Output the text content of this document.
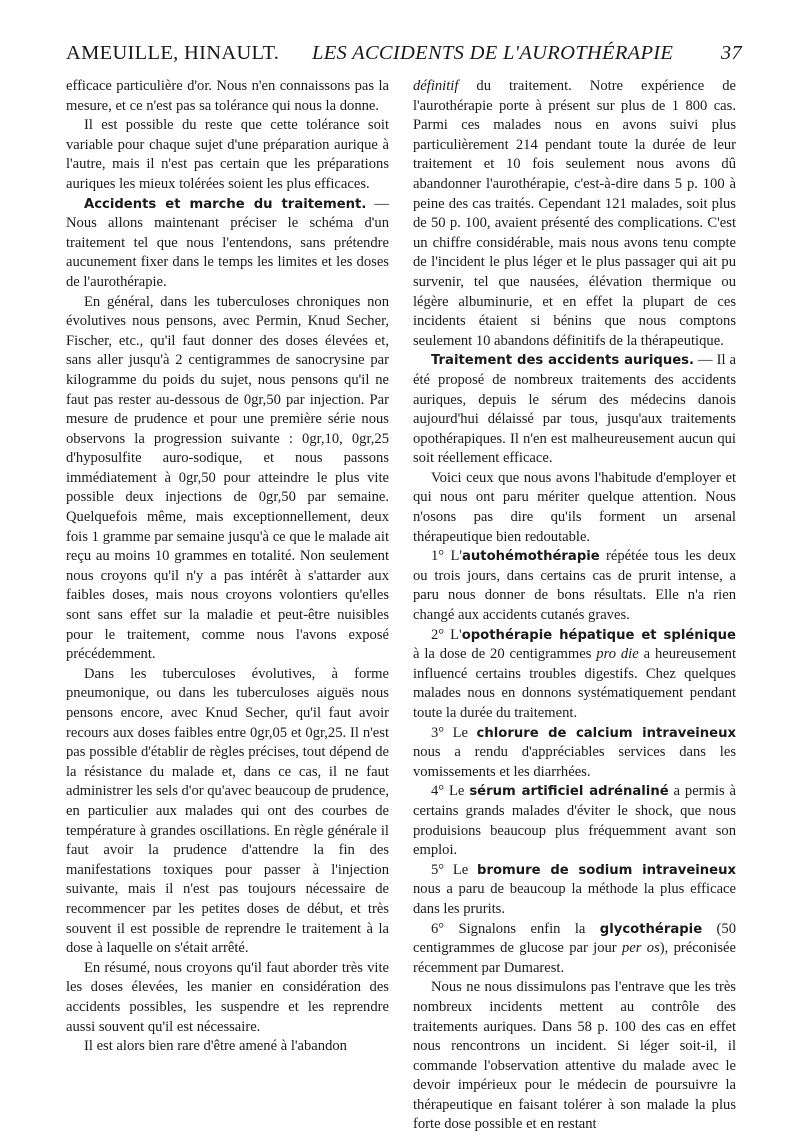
AMEUILLE, HINAULT. LES ACCIDENTS DE L'AUROTHÉRAPIE 37

efficace particulière d'or. Nous n'en connaissons pas la mesure, et ce n'est pas sa tolérance qui nous la donne.

Il est possible du reste que cette tolérance soit variable pour chaque sujet d'une préparation aurique à l'autre, mais il n'est pas certain que les préparations auriques les mieux tolérées soient les plus efficaces.

Accidents et marche du traitement. — Nous allons maintenant préciser le schéma d'un traitement tel que nous l'entendons, sans prétendre aucunement fixer dans le temps les limites et les doses de l'aurothérapie.

En général, dans les tuberculoses chroniques non évolutives nous pensons, avec Permin, Knud Secher, Fischer, etc., qu'il faut donner des doses élevées et, sans aller jusqu'à 2 centigrammes de sanocrysine par kilogramme du poids du sujet, nous pensons qu'il ne faut pas rester au-dessous de 0gr,50 par injection. Par mesure de prudence et pour une première série nous observons la progression suivante : 0gr,10, 0gr,25 d'hyposulfite auro-sodique, et nous passons immédiatement à 0gr,50 pour atteindre le plus vite possible deux injections de 0gr,50 par semaine. Quelquefois même, mais exceptionnellement, deux fois 1 gramme par semaine jusqu'à ce que le malade ait reçu au moins 10 grammes en totalité. Non seulement nous croyons qu'il n'y a pas intérêt à s'attarder aux faibles doses, mais nous croyons volontiers qu'elles sont sans effet sur la maladie et peut-être nuisibles pour le traitement, comme nous l'avons exposé précédemment.

Dans les tuberculoses évolutives, à forme pneumonique, ou dans les tuberculoses aiguës nous pensons encore, avec Knud Secher, qu'il faut avoir recours aux doses faibles entre 0gr,05 et 0gr,25. Il n'est pas possible d'établir de règles précises, tout dépend de la résistance du malade et, dans ce cas, il ne faut administrer les sels d'or qu'avec beaucoup de prudence, en particulier aux malades qui ont des courbes de température à grandes oscillations. En règle générale il faut avoir la prudence d'attendre la fin des manifestations toxiques pour passer à l'injection suivante, mais il n'est pas toujours nécessaire de recommencer par les petites doses de début, et très souvent il est possible de reprendre le traitement à la dose à laquelle on s'était arrêté.

En résumé, nous croyons qu'il faut aborder très vite les doses élevées, les manier en considération des accidents possibles, les suspendre et les reprendre aussi souvent qu'il est nécessaire.

Il est alors bien rare d'être amené à l'abandon

définitif du traitement. Notre expérience de l'aurothérapie porte à présent sur plus de 1 800 cas. Parmi ces malades nous en avons suivi plus particulièrement 214 pendant toute la durée de leur traitement et 10 fois seulement nous avons dû abandonner l'aurothérapie, c'est-à-dire dans 5 p. 100 à peine des cas traités. Cependant 121 malades, soit plus de 50 p. 100, avaient présenté des complications. C'est un chiffre considérable, mais nous avons tenu compte de l'incident le plus léger et le plus passager qui ait pu survenir, tel que nausées, élévation thermique ou légère albuminurie, et en effet la plupart de ces incidents étaient si bénins que nous comptons seulement 10 abandons définitifs de la thérapeutique.

Traitement des accidents auriques. — Il a été proposé de nombreux traitements des accidents auriques, depuis le sérum des médecins danois aujourd'hui délaissé par tous, jusqu'aux traitements opothérapiques. Il n'en est malheureusement aucun qui soit réellement efficace.

Voici ceux que nous avons l'habitude d'employer et qui nous ont paru mériter quelque attention. Nous n'osons pas dire qu'ils forment un arsenal thérapeutique bien redoutable.

1° L'autohémothérapie répétée tous les deux ou trois jours, dans certains cas de prurit intense, a paru nous donner de bons résultats. Elle n'a rien changé aux accidents cutanés graves.

2° L'opothérapie hépatique et splénique à la dose de 20 centigrammes pro die a heureusement influencé certains troubles digestifs. Chez quelques malades nous en donnons systématiquement pendant toute la durée du traitement.

3° Le chlorure de calcium intraveineux nous a rendu d'appréciables services dans les vomissements et les diarrhées.

4° Le sérum artificiel adrénaliné a permis à certains grands malades d'éviter le shock, que nous produisions beaucoup plus fréquemment avant son emploi.

5° Le bromure de sodium intraveineux nous a paru de beaucoup la méthode la plus efficace dans les prurits.

6° Signalons enfin la glycothérapie (50 centigrammes de glucose par jour per os), préconisée récemment par Dumarest.

Nous ne nous dissimulons pas l'entrave que les très nombreux incidents mettent au contrôle des traitements auriques. Dans 58 p. 100 des cas en effet nous rencontrons un incident. Si léger soit-il, il commande l'observation attentive du malade avec le devoir impérieux pour le médecin de poursuivre la thérapeutique en faisant tolérer à son malade la plus forte dose possible et en restant
